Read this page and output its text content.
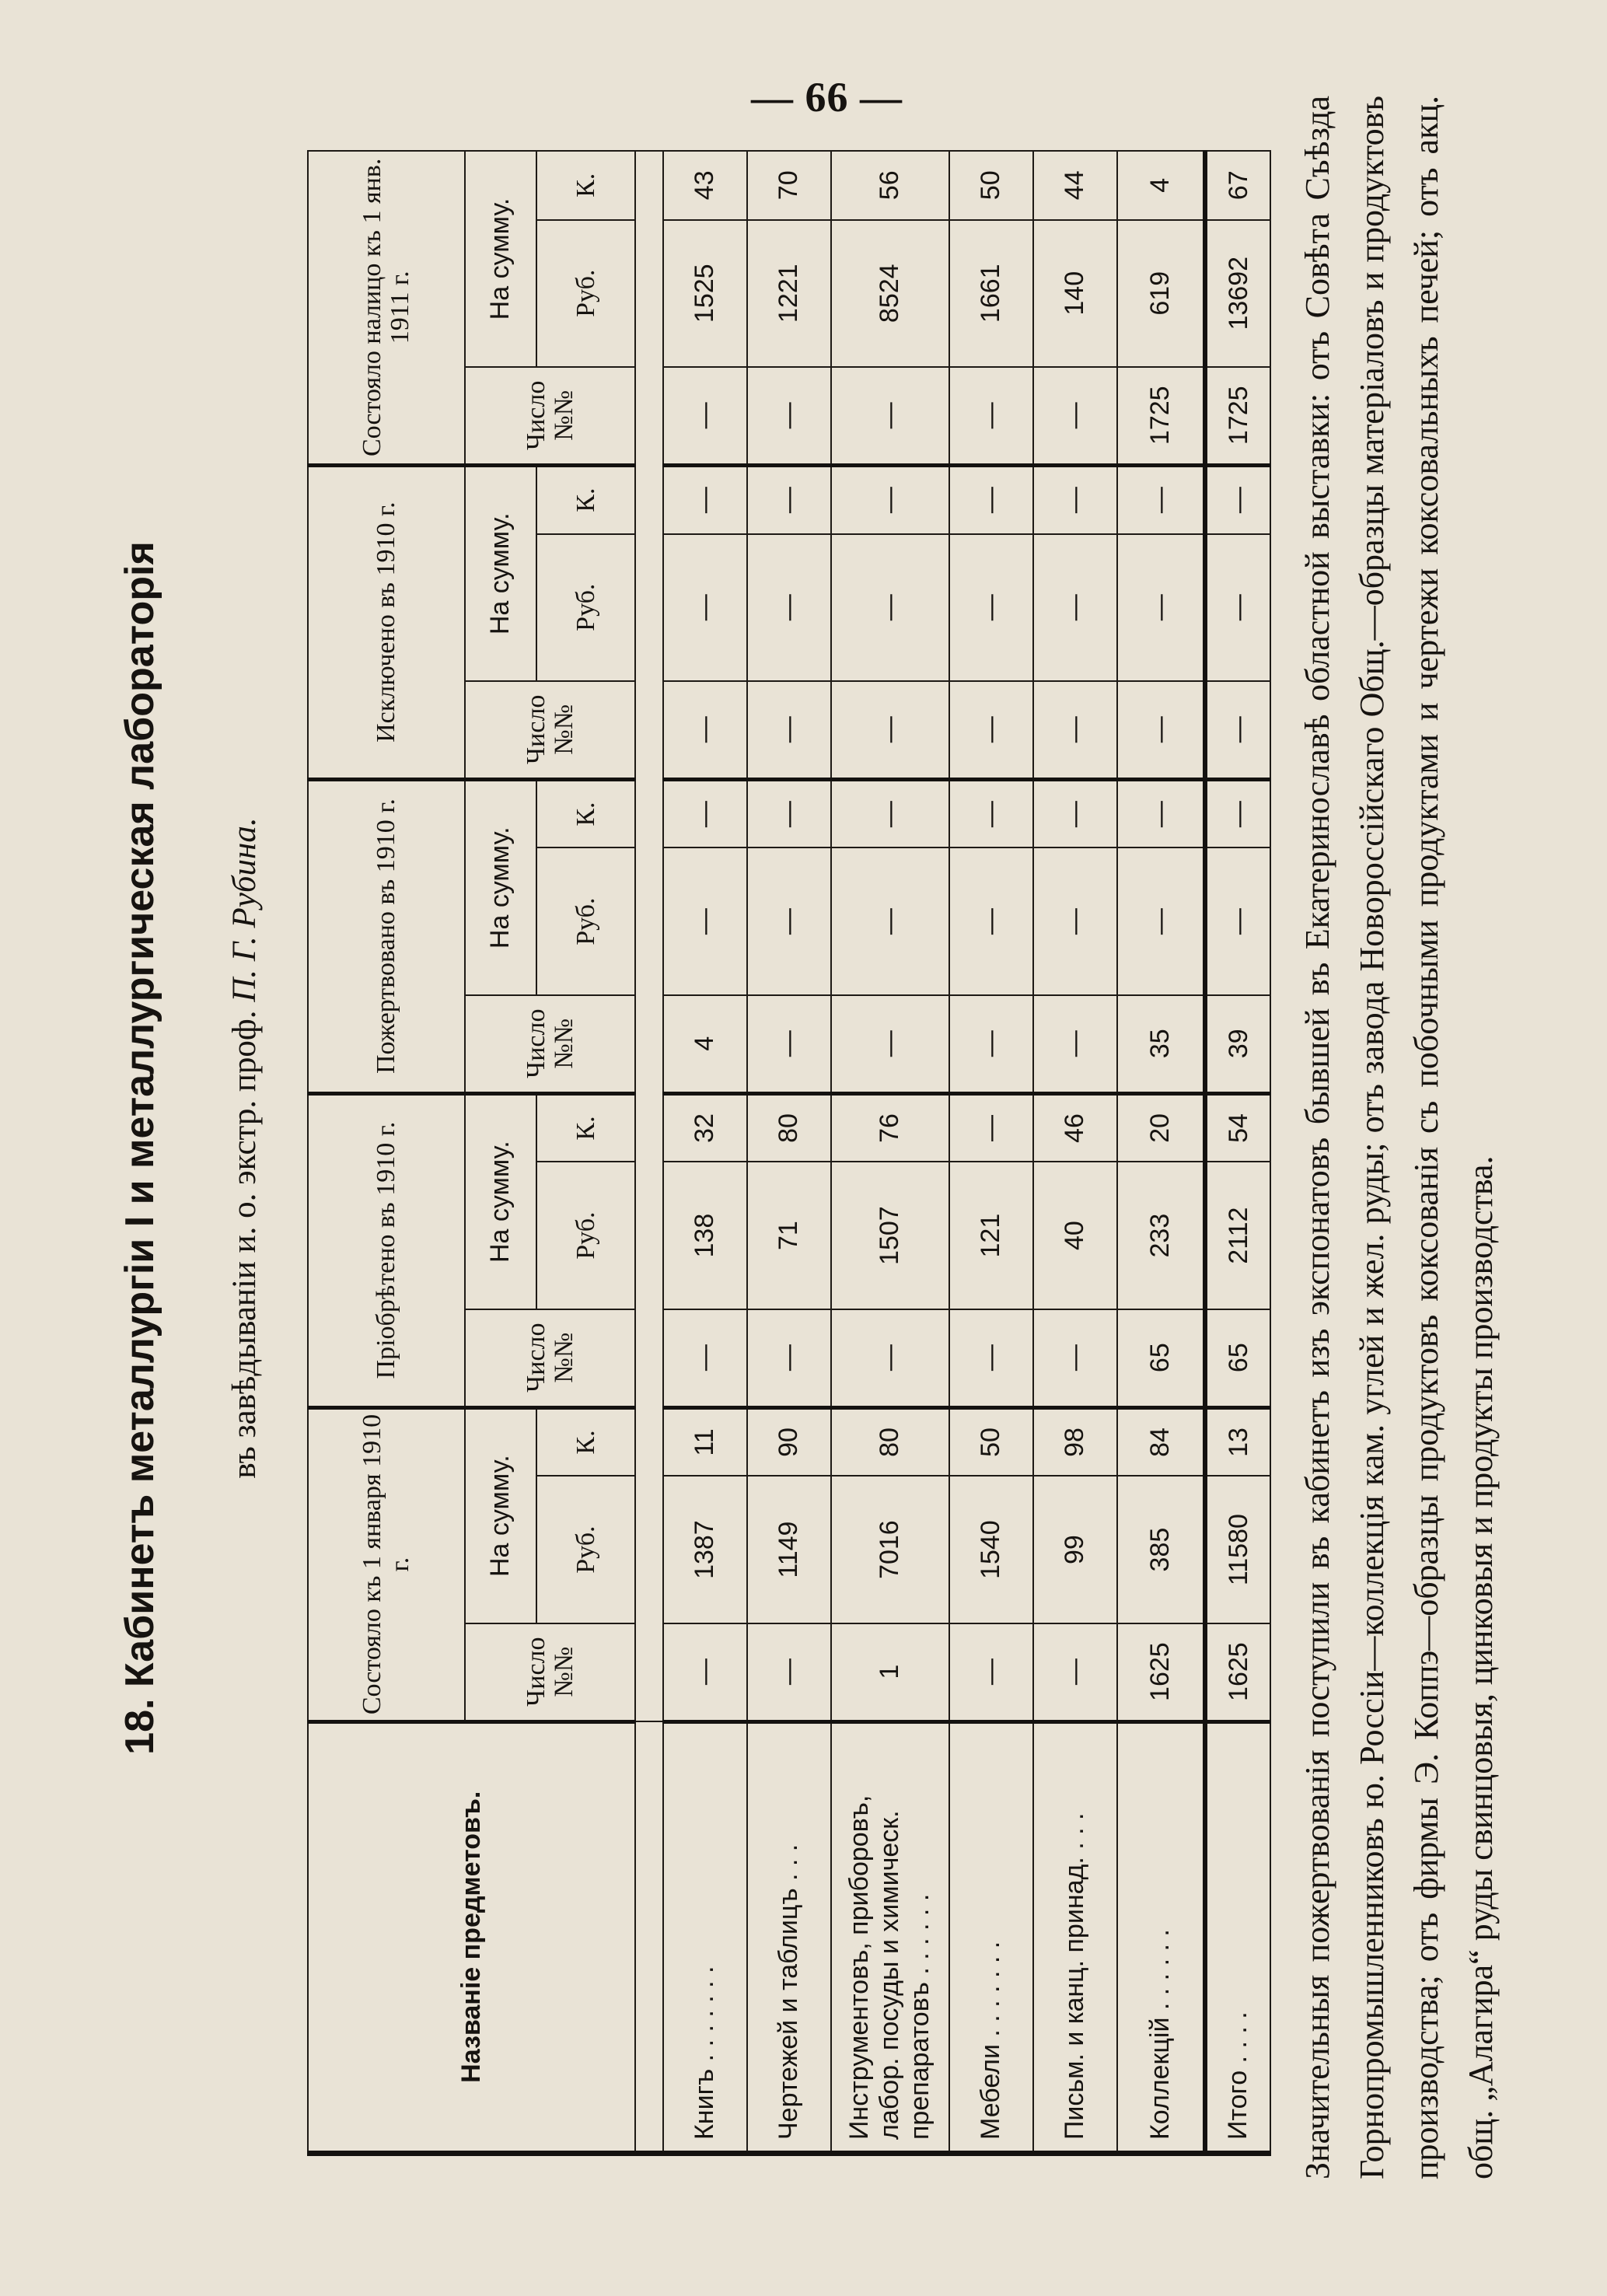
— 66 —
18. Кабинетъ металлургіи I и металлургическая лабораторія въ завѣдываніи и. о. экстр. проф. П. Г. Рубина.
Названіе предметовъ.	Состояло къ 1 января 1910 г.			Пріобрѣтено въ 1910 г.			Пожертвовано въ 1910 г.			Исключено въ 1910 г.			Состояло налицо къ 1 янв. 1911 г.		
	Число №№	На сумму.		Число №№	На сумму.		Число №№	На сумму.		Число №№	На сумму.		Число №№	На сумму.	
		Руб.	К.		Руб.	К.		Руб.	К.		Руб.	К.		Руб.	К.

Книгъ . . . . . . .	—	1387	11	—	138	32	4	—	—	—	—	—	—	1525	43
Чертежей и таблицъ . . .	—	1149	90	—	71	80	—	—	—	—	—	—	—	1221	70
Инструментовъ, приборовъ, лабор. посуды и химическ. препаратовъ . . . . . .	1	7016	80	—	1507	76	—	—	—	—	—	—	—	8524	56
Мебели . . . . . . .	—	1540	50	—	121	—	—	—	—	—	—	—	—	1661	50
Письм. и канц. принад. . . .	—	99	98	—	40	46	—	—	—	—	—	—	—	140	44
Коллекцій . . . . . .	1625	385	84	65	233	20	35	—	—	—	—	—	1725	619	4
Итого . . . .	1625	11580	13	65	2112	54	39	—	—	—	—	—	1725	13692	67 Значительныя пожертвованія поступили въ кабинетъ изъ экспонатовъ бывшей въ Екатеринославѣ областной выставки: отъ Совѣта Съѣзда Горнопромышленниковъ ю. Россіи—коллекція кам. углей и жел. руды; отъ завода Новороссійскаго Общ.—образцы матеріаловъ и продуктовъ производства; отъ фирмы Э. Коппэ—образцы продуктовъ коксованія съ побочными продуктами и чертежи коксовальныхъ печей; отъ акц. общ. „Алагира“ руды свинцовыя, цинковыя и продукты производства.
